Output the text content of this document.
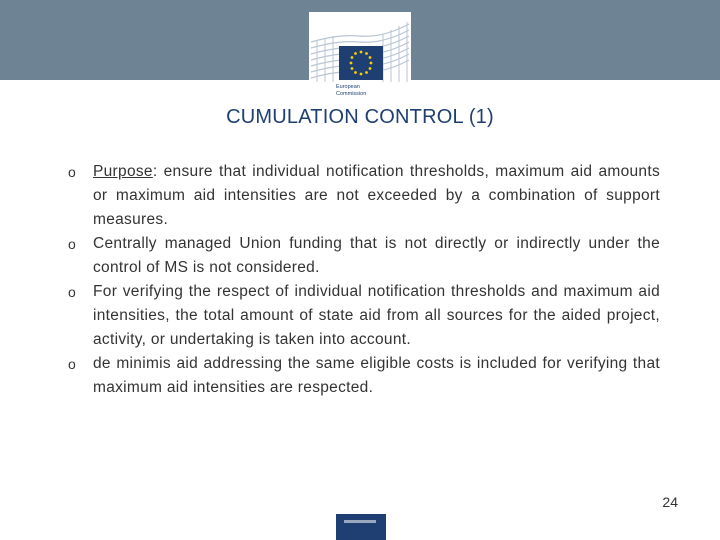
European
Commission
CUMULATION CONTROL (1)
o Purpose: ensure that individual notification thresholds, maximum aid amounts or maximum aid intensities are not exceeded by a combination of support measures.
o Centrally managed Union funding that is not directly or indirectly under the control of MS is not considered.
o For verifying the respect of individual notification thresholds and maximum aid intensities, the total amount of state aid from all sources for the aided project, activity, or undertaking is taken into account.
o de minimis aid addressing the same eligible costs is included for verifying that maximum aid intensities are respected.
24
